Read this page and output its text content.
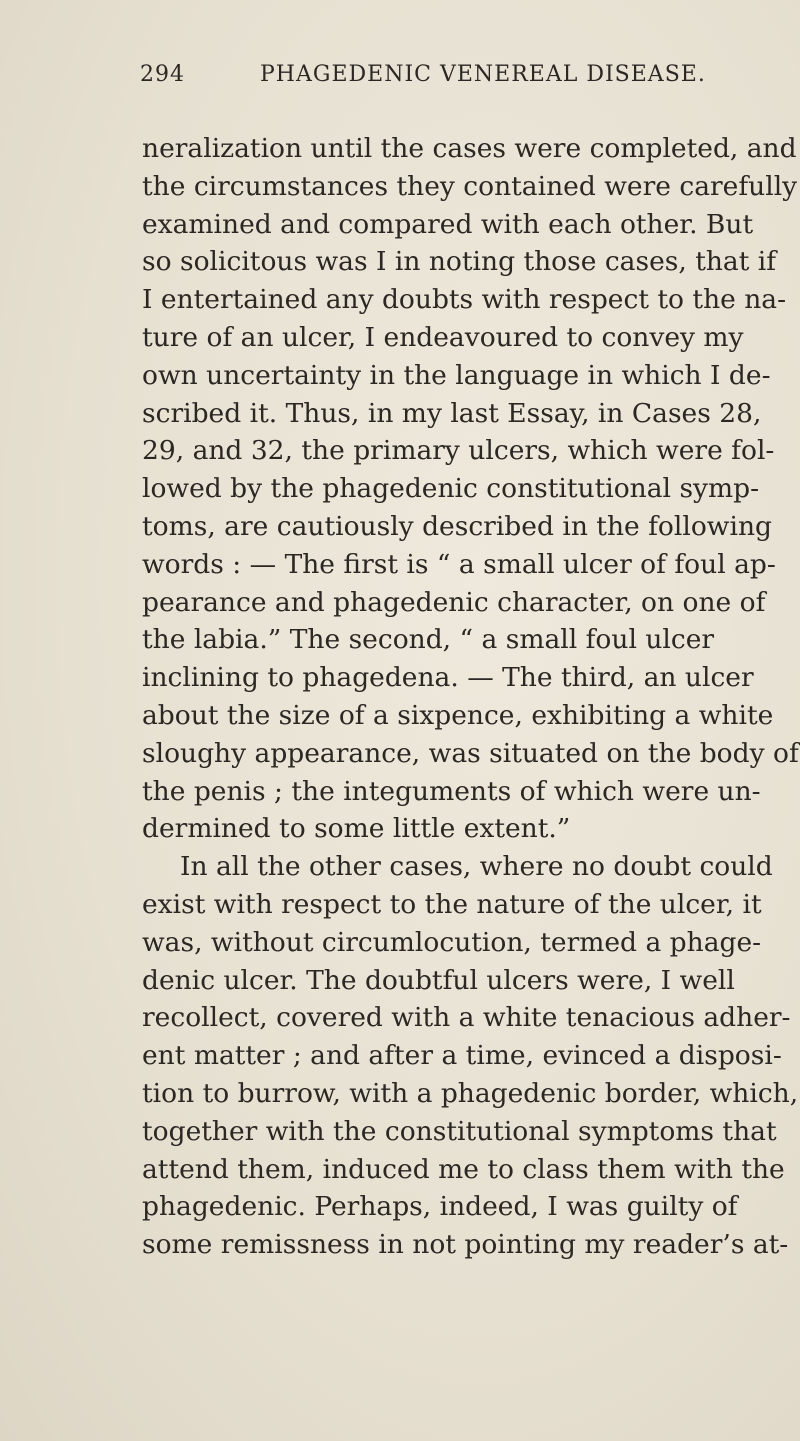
294	PHAGEDENIC VENEREAL DISEASE.
neralization until the cases were completed, and
the circumstances they contained were carefully
examined and compared with each other. But
so solicitous was I in noting those cases, that if
I entertained any doubts with respect to the na-
ture of an ulcer, I endeavoured to convey my
own uncertainty in the language in which I de-
scribed it. Thus, in my last Essay, in Cases 28,
29, and 32, the primary ulcers, which were fol-
lowed by the phagedenic constitutional symp-
toms, are cautiously described in the following
words : — The first is “ a small ulcer of foul ap-
pearance and phagedenic character, on one of
the labia.” The second, “ a small foul ulcer
inclining to phagedena. — The third, an ulcer
about the size of a sixpence, exhibiting a white
sloughy appearance, was situated on the body of
the penis ; the integuments of which were un-
dermined to some little extent.”
In all the other cases, where no doubt could
exist with respect to the nature of the ulcer, it
was, without circumlocution, termed a phage-
denic ulcer. The doubtful ulcers were, I well
recollect, covered with a white tenacious adher-
ent matter ; and after a time, evinced a disposi-
tion to burrow, with a phagedenic border, which,
together with the constitutional symptoms that
attend them, induced me to class them with the
phagedenic. Perhaps, indeed, I was guilty of
some remissness in not pointing my reader’s at-
